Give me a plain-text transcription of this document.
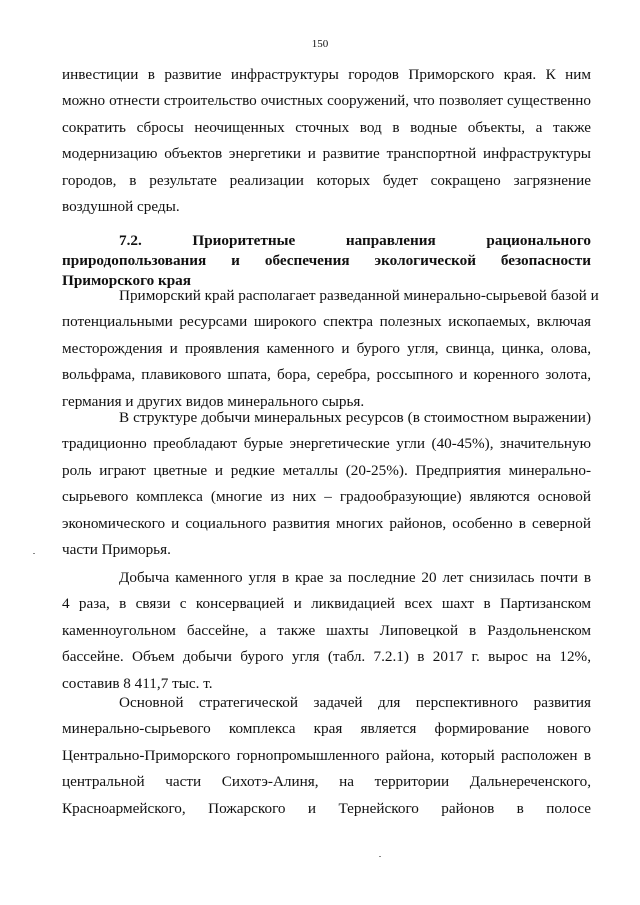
150
инвестиции в развитие инфраструктуры городов Приморского края. К ним
можно отнести строительство очистных сооружений, что позволяет существенно
сократить сбросы неочищенных сточных вод в водные объекты, а также
модернизацию объектов энергетики и развитие транспортной инфраструктуры
городов, в результате реализации которых будет сокращено загрязнение
воздушной среды.
7.2. Приоритетные направления рационального природопользования и обеспечения экологической безопасности Приморского края
Приморский край располагает разведанной минерально-сырьевой базой и
потенциальными ресурсами широкого спектра полезных ископаемых, включая
месторождения и проявления каменного и бурого угля, свинца, цинка, олова,
вольфрама, плавикового шпата, бора, серебра, россыпного и коренного золота,
германия и других видов минерального сырья.
В структуре добычи минеральных ресурсов (в стоимостном выражении)
традиционно преобладают бурые энергетические угли (40-45%), значительную
роль играют цветные и редкие металлы (20-25%). Предприятия минерально-
сырьевого комплекса (многие из них – градообразующие) являются основой
экономического и социального развития многих районов, особенно в северной
части Приморья.
Добыча каменного угля в крае за последние 20 лет снизилась почти в
4 раза, в связи с консервацией и ликвидацией всех шахт в Партизанском
каменноугольном бассейне, а также шахты Липовецкой в Раздольненском
бассейне. Объем добычи бурого угля (табл. 7.2.1) в 2017 г. вырос на 12%,
составив 8 411,7 тыс. т.
Основной стратегической задачей для перспективного развития
минерально-сырьевого комплекса края является формирование нового
Центрально-Приморского горнопромышленного района, который расположен в
центральной части Сихотэ-Алиня, на территории Дальнереченского,
Красноармейского, Пожарского и Тернейского районов в полосе
